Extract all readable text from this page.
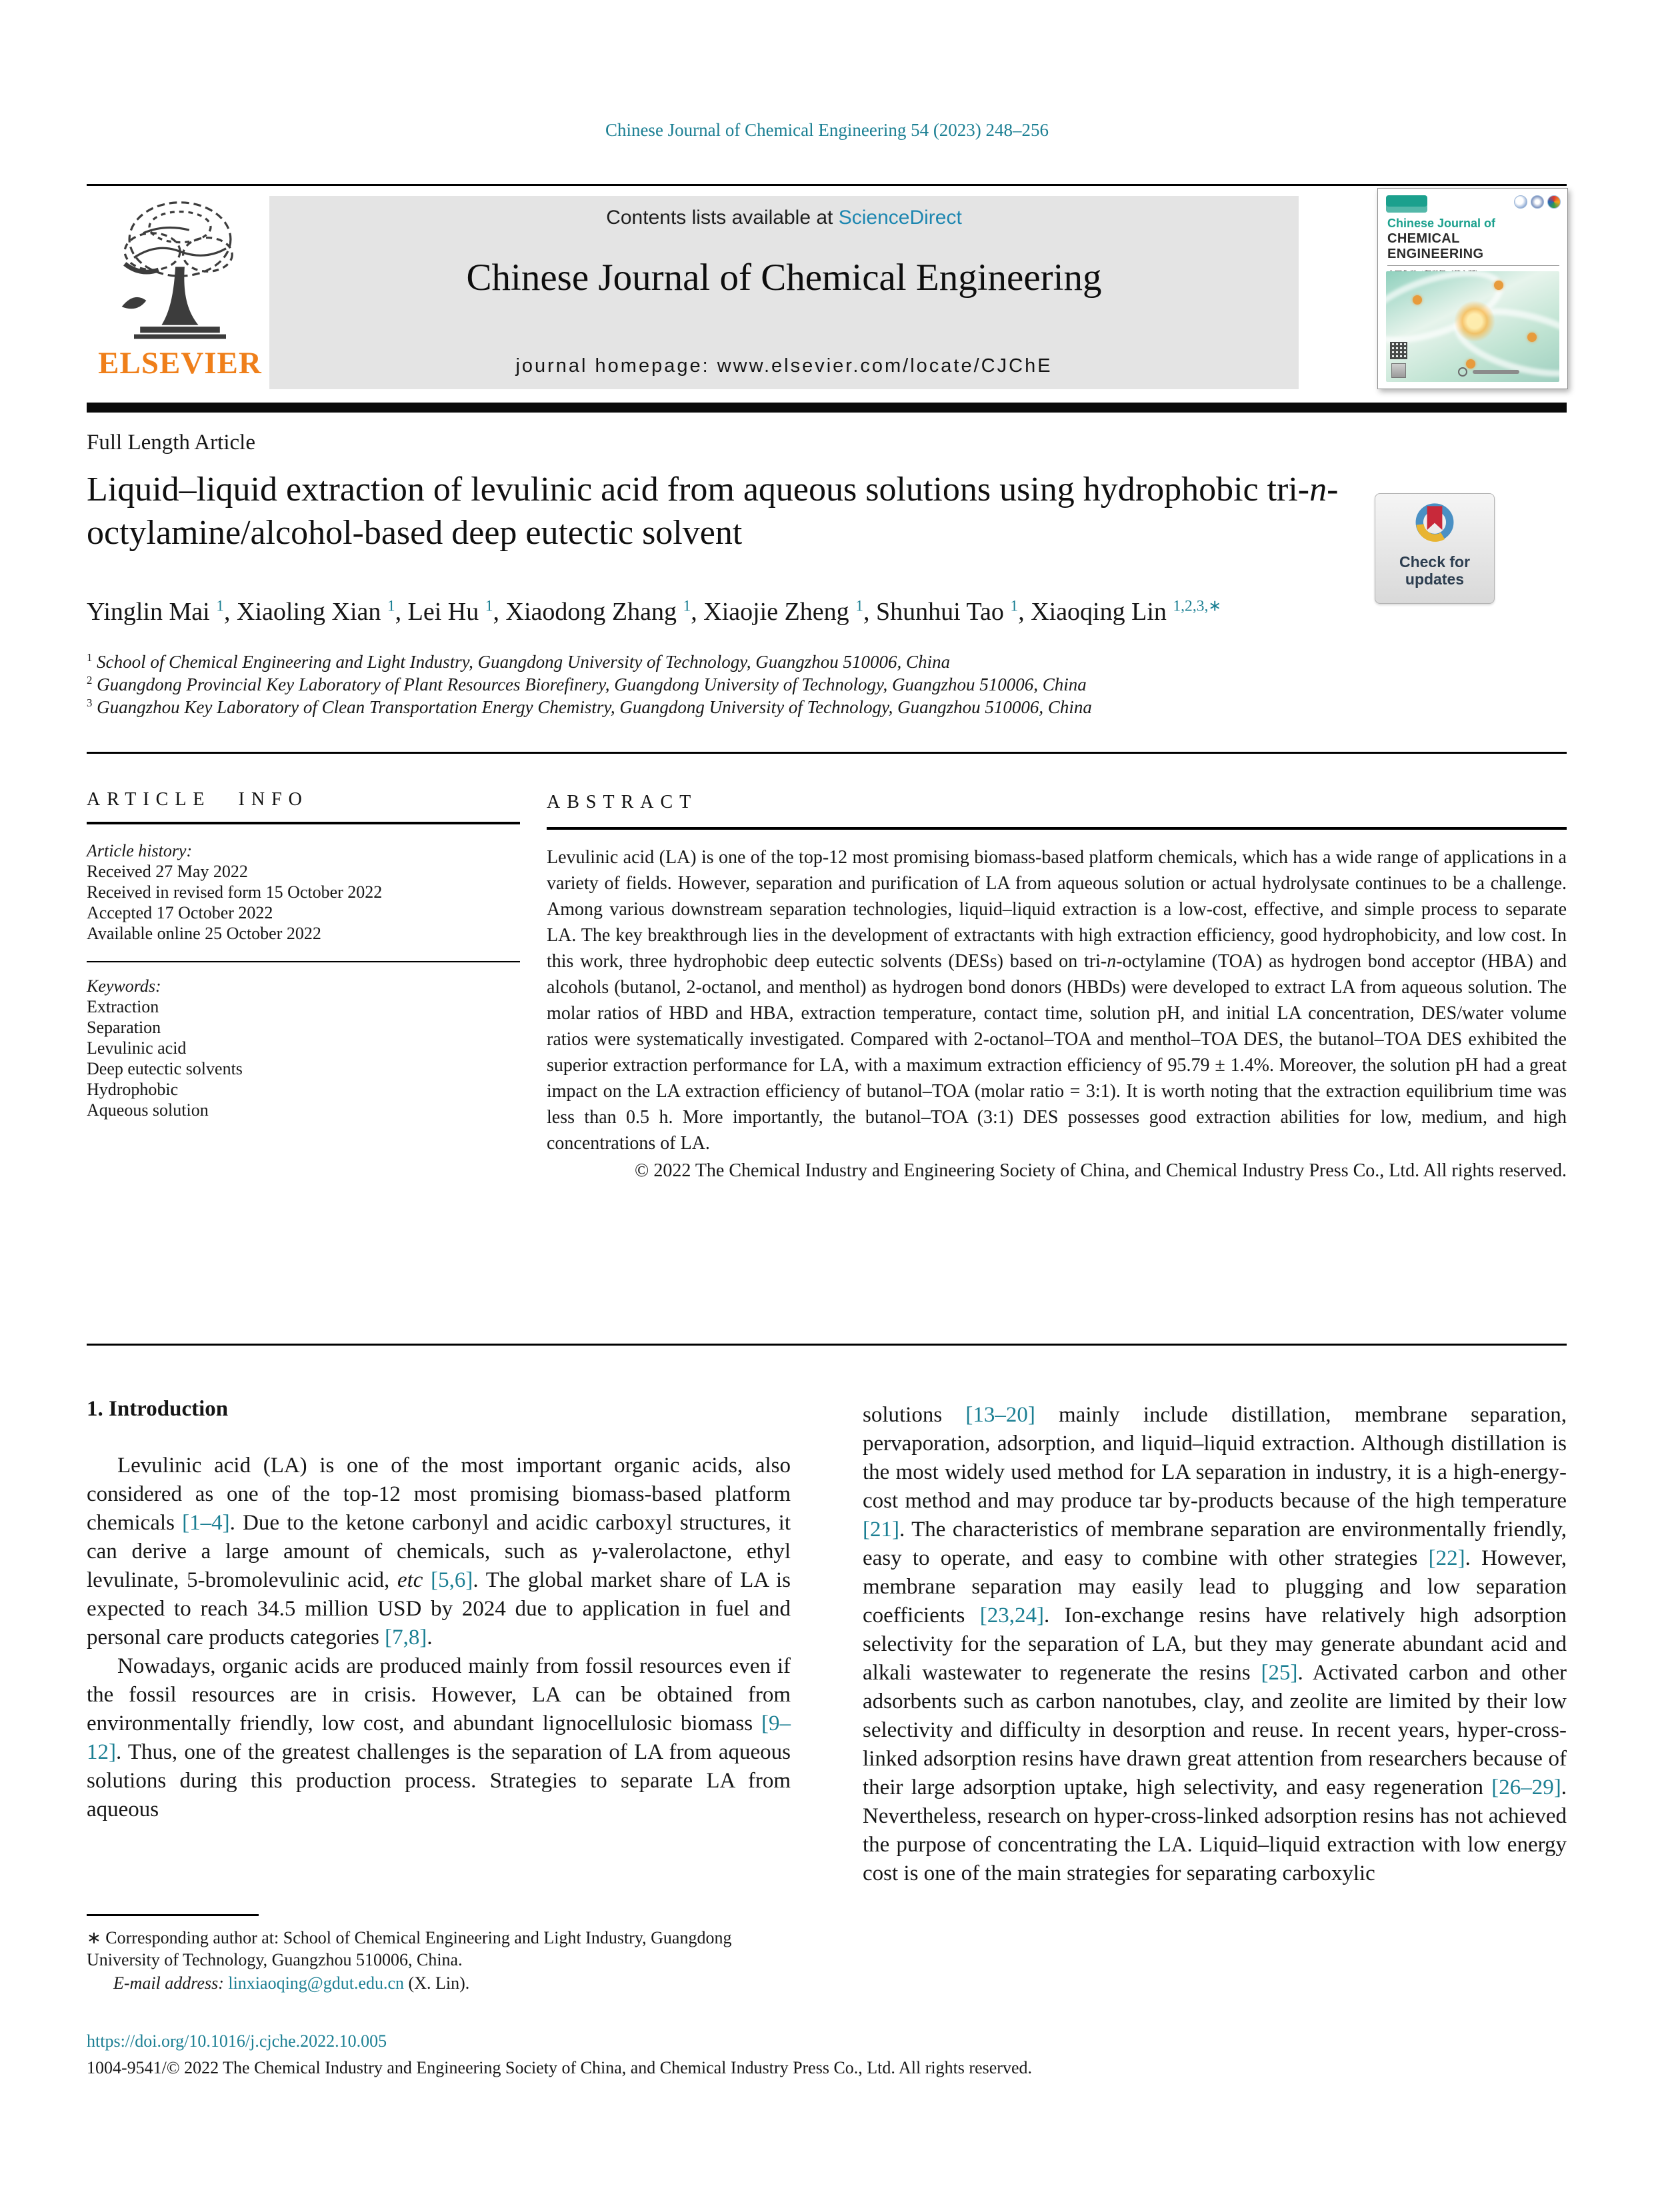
Chinese Journal of Chemical Engineering 54 (2023) 248–256
ELSEVIER
Contents lists available at ScienceDirect
Chinese Journal of Chemical Engineering
journal homepage: www.elsevier.com/locate/CJChE
Chinese Journal of
CHEMICAL ENGINEERING
Full Length Article
Liquid–liquid extraction of levulinic acid from aqueous solutions using hydrophobic tri-n-octylamine/alcohol-based deep eutectic solvent
Check for updates
Yinglin Mai $^1$, Xiaoling Xian $^1$, Lei Hu $^1$, Xiaodong Zhang $^1$, Xiaojie Zheng $^1$, Shunhui Tao $^1$, Xiaoqing Lin $^{1,2,3,∗}$
$^1$ School of Chemical Engineering and Light Industry, Guangdong University of Technology, Guangzhou 510006, China
$^2$ Guangdong Provincial Key Laboratory of Plant Resources Biorefinery, Guangdong University of Technology, Guangzhou 510006, China
$^3$ Guangzhou Key Laboratory of Clean Transportation Energy Chemistry, Guangdong University of Technology, Guangzhou 510006, China
ARTICLE INFO
Article history:
Received 27 May 2022
Received in revised form 15 October 2022
Accepted 17 October 2022
Available online 25 October 2022
Keywords:
Extraction
Separation
Levulinic acid
Deep eutectic solvents
Hydrophobic
Aqueous solution
ABSTRACT
Levulinic acid (LA) is one of the top-12 most promising biomass-based platform chemicals, which has a wide range of applications in a variety of fields. However, separation and purification of LA from aqueous solution or actual hydrolysate continues to be a challenge. Among various downstream separation technologies, liquid–liquid extraction is a low-cost, effective, and simple process to separate LA. The key breakthrough lies in the development of extractants with high extraction efficiency, good hydrophobicity, and low cost. In this work, three hydrophobic deep eutectic solvents (DESs) based on tri-n-octylamine (TOA) as hydrogen bond acceptor (HBA) and alcohols (butanol, 2-octanol, and menthol) as hydrogen bond donors (HBDs) were developed to extract LA from aqueous solution. The molar ratios of HBD and HBA, extraction temperature, contact time, solution pH, and initial LA concentration, DES/water volume ratios were systematically investigated. Compared with 2-octanol–TOA and menthol–TOA DES, the butanol–TOA DES exhibited the superior extraction performance for LA, with a maximum extraction efficiency of 95.79 ± 1.4%. Moreover, the solution pH had a great impact on the LA extraction efficiency of butanol–TOA (molar ratio = 3:1). It is worth noting that the extraction equilibrium time was less than 0.5 h. More importantly, the butanol–TOA (3:1) DES possesses good extraction abilities for low, medium, and high concentrations of LA.
© 2022 The Chemical Industry and Engineering Society of China, and Chemical Industry Press Co., Ltd. All rights reserved.
1. Introduction
Levulinic acid (LA) is one of the most important organic acids, also considered as one of the top-12 most promising biomass-based platform chemicals [1–4]. Due to the ketone carbonyl and acidic carboxyl structures, it can derive a large amount of chemicals, such as γ-valerolactone, ethyl levulinate, 5-bromolevulinic acid, etc [5,6]. The global market share of LA is expected to reach 34.5 million USD by 2024 due to application in fuel and personal care products categories [7,8].
Nowadays, organic acids are produced mainly from fossil resources even if the fossil resources are in crisis. However, LA can be obtained from environmentally friendly, low cost, and abundant lignocellulosic biomass [9–12]. Thus, one of the greatest challenges is the separation of LA from aqueous solutions during this production process. Strategies to separate LA from aqueous
solutions [13–20] mainly include distillation, membrane separation, pervaporation, adsorption, and liquid–liquid extraction. Although distillation is the most widely used method for LA separation in industry, it is a high-energy-cost method and may produce tar by-products because of the high temperature [21]. The characteristics of membrane separation are environmentally friendly, easy to operate, and easy to combine with other strategies [22]. However, membrane separation may easily lead to plugging and low separation coefficients [23,24]. Ion-exchange resins have relatively high adsorption selectivity for the separation of LA, but they may generate abundant acid and alkali wastewater to regenerate the resins [25]. Activated carbon and other adsorbents such as carbon nanotubes, clay, and zeolite are limited by their low selectivity and difficulty in desorption and reuse. In recent years, hyper-cross-linked adsorption resins have drawn great attention from researchers because of their large adsorption uptake, high selectivity, and easy regeneration [26–29]. Nevertheless, research on hyper-cross-linked adsorption resins has not achieved the purpose of concentrating the LA. Liquid–liquid extraction with low energy cost is one of the main strategies for separating carboxylic
∗ Corresponding author at: School of Chemical Engineering and Light Industry, Guangdong University of Technology, Guangzhou 510006, China.
E-mail address: linxiaoqing@gdut.edu.cn (X. Lin).
https://doi.org/10.1016/j.cjche.2022.10.005
1004-9541/© 2022 The Chemical Industry and Engineering Society of China, and Chemical Industry Press Co., Ltd. All rights reserved.
